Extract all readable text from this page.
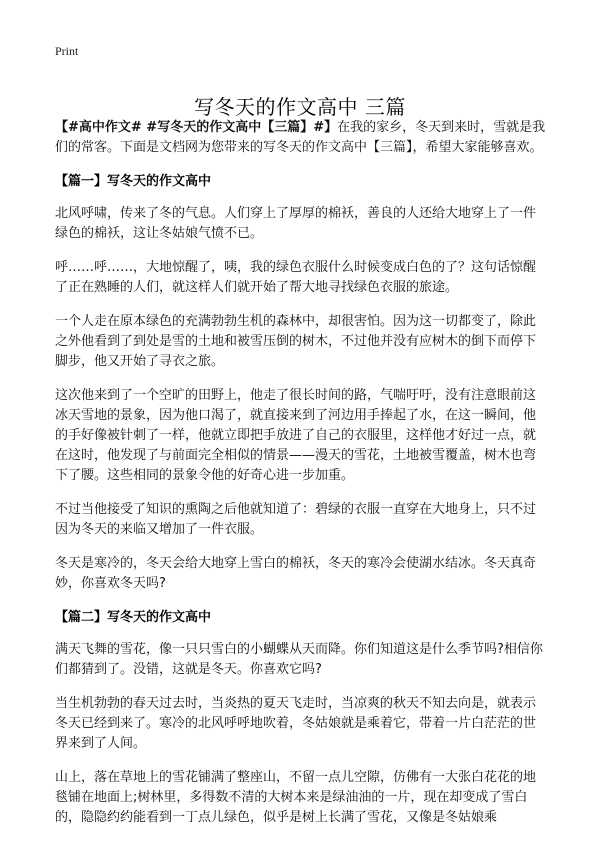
Print
写冬天的作文高中 三篇

【#高中作文# #写冬天的作文高中【三篇】#】在我的家乡，冬天到来时，雪就是我们的常客。下面是文档网为您带来的写冬天的作文高中【三篇】，希望大家能够喜欢。

【篇一】写冬天的作文高中

北风呼啸，传来了冬的气息。人们穿上了厚厚的棉袄，善良的人还给大地穿上了一件绿色的棉袄，这让冬姑娘气愤不已。

呼……呼……，大地惊醒了，咦，我的绿色衣服什么时候变成白色的了？这句话惊醒了正在熟睡的人们，就这样人们就开始了帮大地寻找绿色衣服的旅途。

一个人走在原本绿色的充满勃勃生机的森林中，却很害怕。因为这一切都变了，除此之外他看到了到处是雪的土地和被雪压倒的树木，不过他并没有应树木的倒下而停下脚步，他又开始了寻衣之旅。

这次他来到了一个空旷的田野上，他走了很长时间的路，气喘吁吁，没有注意眼前这冰天雪地的景象，因为他口渴了，就直接来到了河边用手捧起了水，在这一瞬间，他的手好像被针刺了一样，他就立即把手放进了自己的衣服里，这样他才好过一点，就在这时，他发现了与前面完全相似的情景——漫天的雪花，土地被雪覆盖，树木也弯下了腰。这些相同的景象令他的好奇心进一步加重。

不过当他接受了知识的熏陶之后他就知道了：碧绿的衣服一直穿在大地身上，只不过因为冬天的来临又增加了一件衣服。

冬天是寒冷的，冬天会给大地穿上雪白的棉袄，冬天的寒冷会使湖水结冰。冬天真奇妙，你喜欢冬天吗?

【篇二】写冬天的作文高中

满天飞舞的雪花，像一只只雪白的小蝴蝶从天而降。你们知道这是什么季节吗?相信你们都猜到了。没错，这就是冬天。你喜欢它吗?

当生机勃勃的春天过去时，当炎热的夏天飞走时，当凉爽的秋天不知去向是，就表示冬天已经到来了。寒冷的北风呼呼地吹着，冬姑娘就是乘着它，带着一片白茫茫的世界来到了人间。

山上，落在草地上的雪花铺满了整座山，不留一点儿空隙，仿佛有一大张白花花的地毯铺在地面上;树林里，多得数不清的大树本来是绿油油的一片，现在却变成了雪白的，隐隐约约能看到一丁点儿绿色，似乎是树上长满了雪花，又像是冬姑娘乘
